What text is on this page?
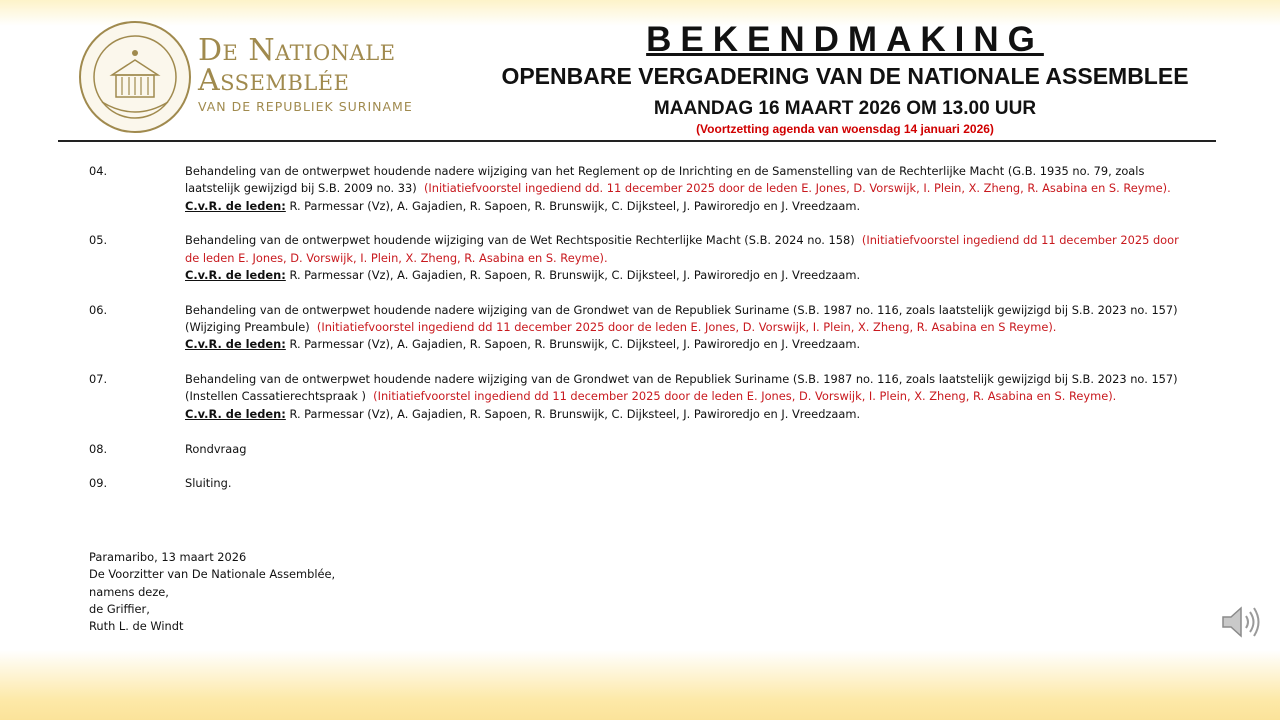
De Nationale
Assemblée
VAN DE REPUBLIEK SURINAME
BEKENDMAKING
OPENBARE VERGADERING VAN DE NATIONALE ASSEMBLEE
MAANDAG 16 MAART 2026 OM 13.00 UUR
(Voortzetting agenda van woensdag 14 januari 2026)
04.	Behandeling van de ontwerpwet houdende nadere wijziging van het Reglement op de Inrichting en de Samenstelling van de Rechterlijke Macht (G.B. 1935 no. 79, zoals laatstelijk gewijzigd bij S.B. 2009 no. 33) (Initiatiefvoorstel ingediend dd. 11 december 2025 door de leden E. Jones, D. Vorswijk, I. Plein, X. Zheng, R. Asabina en S. Reyme).
C.v.R. de leden: R. Parmessar (Vz), A. Gajadien, R. Sapoen, R. Brunswijk, C. Dijksteel, J. Pawiroredjo en J. Vreedzaam.
05.	Behandeling van de ontwerpwet houdende wijziging van de Wet Rechtspositie Rechterlijke Macht (S.B. 2024 no. 158) (Initiatiefvoorstel ingediend dd 11 december 2025 door de leden E. Jones, D. Vorswijk, I. Plein, X. Zheng, R. Asabina en S. Reyme).
C.v.R. de leden: R. Parmessar (Vz), A. Gajadien, R. Sapoen, R. Brunswijk, C. Dijksteel, J. Pawiroredjo en J. Vreedzaam.
06.	Behandeling van de ontwerpwet houdende nadere wijziging van de Grondwet van de Republiek Suriname (S.B. 1987 no. 116, zoals laatstelijk gewijzigd bij S.B. 2023 no. 157) (Wijziging Preambule) (Initiatiefvoorstel ingediend dd 11 december 2025 door de leden E. Jones, D. Vorswijk, I. Plein, X. Zheng, R. Asabina en S Reyme).
C.v.R. de leden: R. Parmessar (Vz), A. Gajadien, R. Sapoen, R. Brunswijk, C. Dijksteel, J. Pawiroredjo en J. Vreedzaam.
07.	Behandeling van de ontwerpwet houdende nadere wijziging van de Grondwet van de Republiek Suriname (S.B. 1987 no. 116, zoals laatstelijk gewijzigd bij S.B. 2023 no. 157) (Instellen Cassatierechtspraak ) (Initiatiefvoorstel ingediend dd 11 december 2025 door de leden E. Jones, D. Vorswijk, I. Plein, X. Zheng, R. Asabina en S. Reyme).
C.v.R. de leden: R. Parmessar (Vz), A. Gajadien, R. Sapoen, R. Brunswijk, C. Dijksteel, J. Pawiroredjo en J. Vreedzaam.
08.	Rondvraag
09.	Sluiting.
Paramaribo, 13 maart 2026
De Voorzitter van De Nationale Assemblée,
namens deze,
de Griffier,
Ruth L. de Windt
